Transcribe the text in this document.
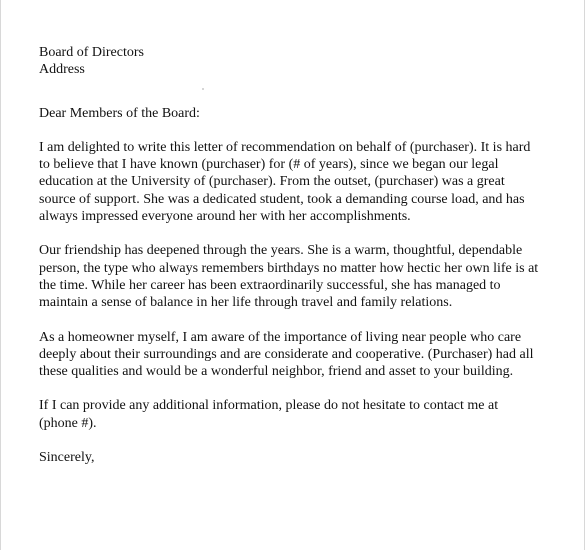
Board of Directors
Address
Dear Members of the Board:
I am delighted to write this letter of recommendation on behalf of (purchaser). It is hard
to believe that I have known (purchaser) for (# of years), since we began our legal
education at the University of (purchaser). From the outset, (purchaser) was a great
source of support. She was a dedicated student, took a demanding course load, and has
always impressed everyone around her with her accomplishments.
Our friendship has deepened through the years. She is a warm, thoughtful, dependable
person, the type who always remembers birthdays no matter how hectic her own life is at
the time. While her career has been extraordinarily successful, she has managed to
maintain a sense of balance in her life through travel and family relations.
As a homeowner myself, I am aware of the importance of living near people who care
deeply about their surroundings and are considerate and cooperative. (Purchaser) had all
these qualities and would be a wonderful neighbor, friend and asset to your building.
If I can provide any additional information, please do not hesitate to contact me at
(phone #).
Sincerely,
